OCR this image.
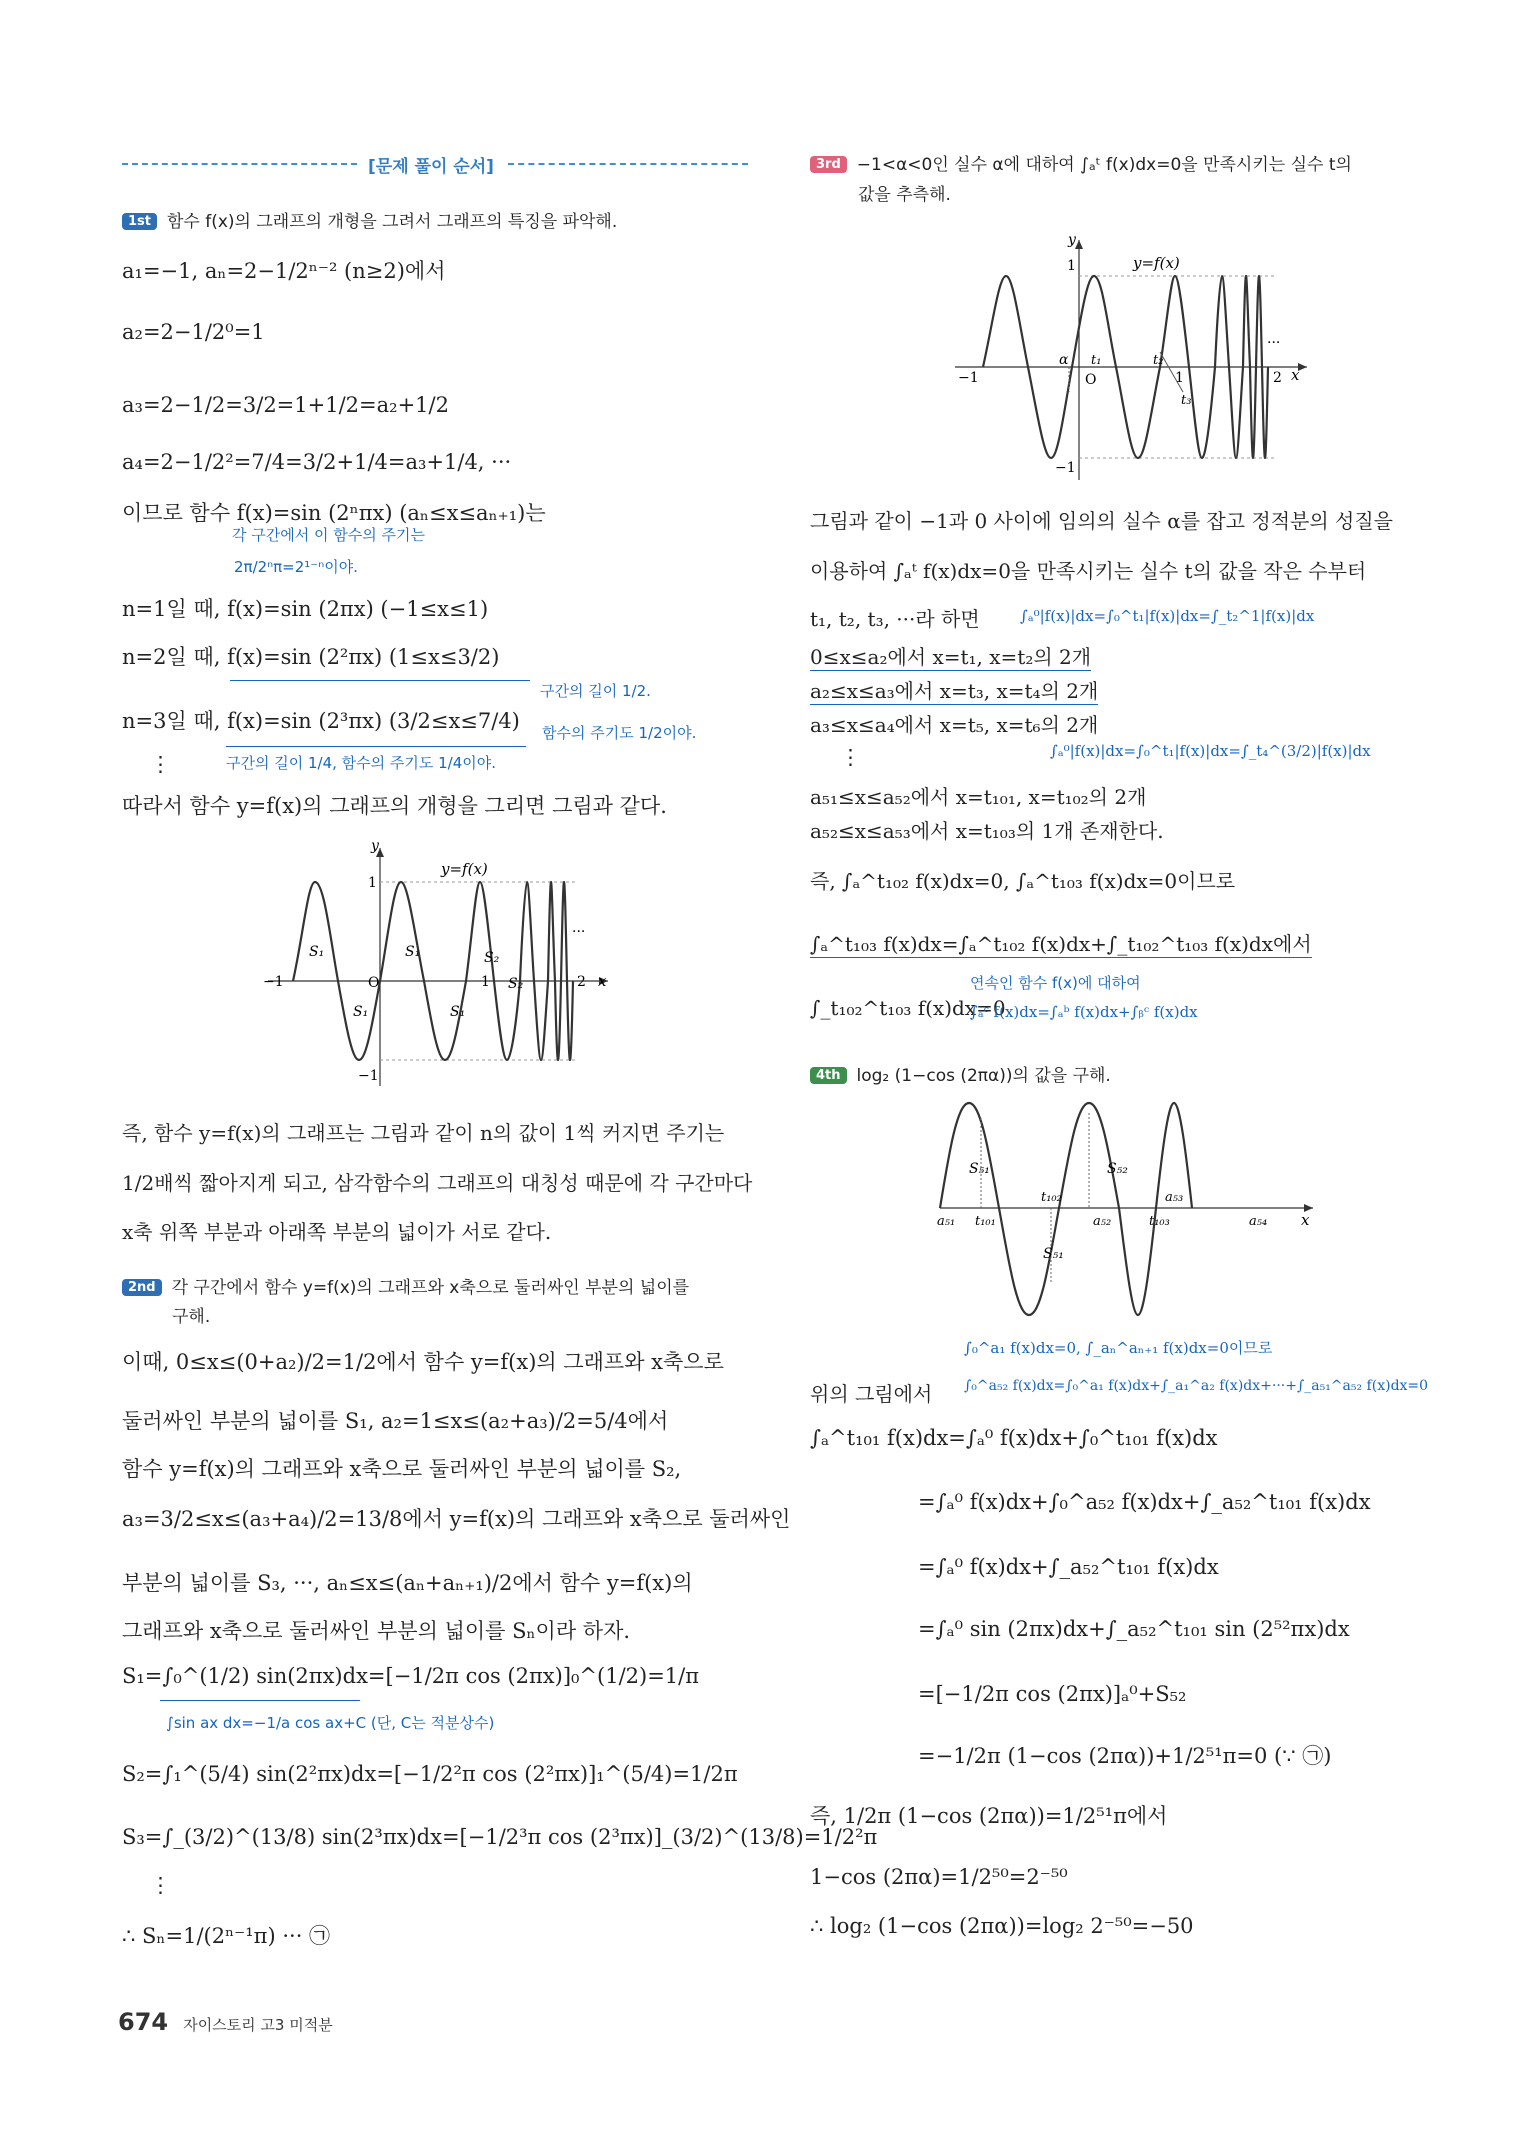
[문제 풀이 순서]
1st 함수 f(x)의 그래프의 개형을 그려서 그래프의 특징을 파악해.
a₁=−1, aₙ=2−1/2ⁿ⁻² (n≥2)에서
a₂=2−1/2⁰=1
a₃=2−1/2=3/2=1+1/2=a₂+1/2
a₄=2−1/2²=7/4=3/2+1/4=a₃+1/4, ···
이므로 함수 f(x)=sin (2ⁿπx) (aₙ≤x≤aₙ₊₁)는
각 구간에서 이 함수의 주기는
2π/2ⁿπ=2¹⁻ⁿ이야.
n=1일 때, f(x)=sin (2πx) (−1≤x≤1)
n=2일 때, f(x)=sin (2²πx) (1≤x≤3/2)
구간의 길이 1/2.
n=3일 때, f(x)=sin (2³πx) (3/2≤x≤7/4) 함수의 주기도 1/2이야.
구간의 길이 1/4, 함수의 주기도 1/4이야.
⋮
따라서 함수 y=f(x)의 그래프의 개형을 그리면 그림과 같다.
y
y=f(x)
1
−1
−1	O	1	2 x
···
S₁
S₁
S₁
S₁
S₂
S₂
즉, 함수 y=f(x)의 그래프는 그림과 같이 n의 값이 1씩 커지면 주기는
1/2배씩 짧아지게 되고, 삼각함수의 그래프의 대칭성 때문에 각 구간마다
x축 위쪽 부분과 아래쪽 부분의 넓이가 서로 같다.
2nd 각 구간에서 함수 y=f(x)의 그래프와 x축으로 둘러싸인 부분의 넓이를
구해.
이때, 0≤x≤(0+a₂)/2=1/2에서 함수 y=f(x)의 그래프와 x축으로
둘러싸인 부분의 넓이를 S₁, a₂=1≤x≤(a₂+a₃)/2=5/4에서
함수 y=f(x)의 그래프와 x축으로 둘러싸인 부분의 넓이를 S₂,
a₃=3/2≤x≤(a₃+a₄)/2=13/8에서 y=f(x)의 그래프와 x축으로 둘러싸인
부분의 넓이를 S₃, ···, aₙ≤x≤(aₙ+aₙ₊₁)/2에서 함수 y=f(x)의
그래프와 x축으로 둘러싸인 부분의 넓이를 Sₙ이라 하자.
S₁=∫₀^(1/2) sin(2πx)dx=[−1/2π cos (2πx)]₀^(1/2)=1/π
∫sin ax dx=−1/a cos ax+C (단, C는 적분상수)
S₂=∫₁^(5/4) sin(2²πx)dx=[−1/2²π cos (2²πx)]₁^(5/4)=1/2π
S₃=∫_(3/2)^(13/8) sin(2³πx)dx=[−1/2³π cos (2³πx)]_(3/2)^(13/8)=1/2²π
⋮
∴ Sₙ=1/(2ⁿ⁻¹π) ··· ㉠
3rd −1<α<0인 실수 α에 대하여 ∫ₐᵗ f(x)dx=0을 만족시키는 실수 t의
값을 추측해.
y
y=f(x)
1
−1
−1	O	1	2 x
···
α t₁	t₂
t₃
그림과 같이 −1과 0 사이에 임의의 실수 α를 잡고 정적분의 성질을
이용하여 ∫ₐᵗ f(x)dx=0을 만족시키는 실수 t의 값을 작은 수부터
t₁, t₂, t₃, ···라 하면	∫ₐ⁰|f(x)|dx=∫₀^t₁|f(x)|dx=∫_t₂^1|f(x)|dx
0≤x≤a₂에서 x=t₁, x=t₂의 2개
a₂≤x≤a₃에서 x=t₃, x=t₄의 2개
a₃≤x≤a₄에서 x=t₅, x=t₆의 2개
⋮	∫ₐ⁰|f(x)|dx=∫₀^t₁|f(x)|dx=∫_t₄^(3/2)|f(x)|dx
a₅₁≤x≤a₅₂에서 x=t₁₀₁, x=t₁₀₂의 2개
a₅₂≤x≤a₅₃에서 x=t₁₀₃의 1개 존재한다.
즉, ∫ₐ^t₁₀₂ f(x)dx=0, ∫ₐ^t₁₀₃ f(x)dx=0이므로
∫ₐ^t₁₀₃ f(x)dx=∫ₐ^t₁₀₂ f(x)dx+∫_t₁₀₂^t₁₀₃ f(x)dx에서
연속인 함수 f(x)에 대하여
∫_t₁₀₂^t₁₀₃ f(x)dx=0
∫ₐᶜ f(x)dx=∫ₐᵇ f(x)dx+∫ᵦᶜ f(x)dx
4th log₂ (1−cos (2πα))의 값을 구해.
S₅₁	S₅₂
t₁₀₂	a₅₃
a₅₁ t₁₀₁	a₅₂	t₁₀₃	a₅₄ x
S₅₁
∫₀^a₁ f(x)dx=0, ∫_aₙ^aₙ₊₁ f(x)dx=0이므로
위의 그림에서 ∫₀^a₅₂ f(x)dx=∫₀^a₁ f(x)dx+∫_a₁^a₂ f(x)dx+···+∫_a₅₁^a₅₂ f(x)dx=0
∫ₐ^t₁₀₁ f(x)dx=∫ₐ⁰ f(x)dx+∫₀^t₁₀₁ f(x)dx
=∫ₐ⁰ f(x)dx+∫₀^a₅₂ f(x)dx+∫_a₅₂^t₁₀₁ f(x)dx
=∫ₐ⁰ f(x)dx+∫_a₅₂^t₁₀₁ f(x)dx
=∫ₐ⁰ sin (2πx)dx+∫_a₅₂^t₁₀₁ sin (2⁵²πx)dx
=[−1/2π cos (2πx)]ₐ⁰+S₅₂
=−1/2π (1−cos (2πα))+1/2⁵¹π=0 (∵ ㉠)
즉, 1/2π (1−cos (2πα))=1/2⁵¹π에서
1−cos (2πα)=1/2⁵⁰=2⁻⁵⁰
∴ log₂ (1−cos (2πα))=log₂ 2⁻⁵⁰=−50
674 자이스토리 고3 미적분
